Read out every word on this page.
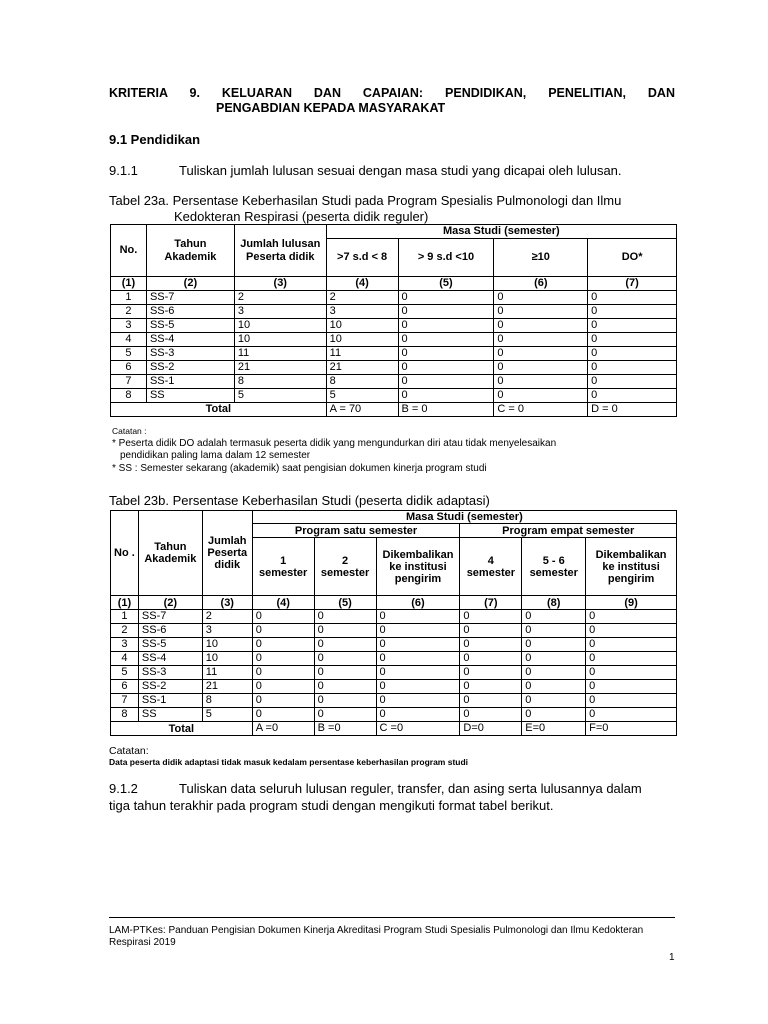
KRITERIA 9. KELUARAN DAN CAPAIAN: PENDIDIKAN, PENELITIAN, DAN
PENGABDIAN KEPADA MASYARAKAT
9.1 Pendidikan
9.1.1	Tuliskan jumlah lulusan sesuai dengan masa studi yang dicapai oleh lulusan.
Tabel 23a. Persentase Keberhasilan Studi pada Program Spesialis Pulmonologi dan Ilmu
Kedokteran Respirasi (peserta didik reguler)
No.	Tahun Akademik	Jumlah lulusan Peserta didik	Masa Studi (semester)			
			>7 s.d < 8	> 9 s.d <10	≥10	DO*
(1)	(2)	(3)	(4)	(5)	(6)	(7)
1	SS-7	2	2	0	0	0
2	SS-6	3	3	0	0	0
3	SS-5	10	10	0	0	0
4	SS-4	10	10	0	0	0
5	SS-3	11	11	0	0	0
6	SS-2	21	21	0	0	0
7	SS-1	8	8	0	0	0
8	SS	5	5	0	0	0
Total			A = 70	B = 0	C = 0	D = 0
Catatan :
* Peserta didik DO adalah termasuk peserta didik yang mengundurkan diri atau tidak menyelesaikan
pendidikan paling lama dalam 12 semester
* SS : Semester sekarang (akademik) saat pengisian dokumen kinerja program studi
Tabel 23b. Persentase Keberhasilan Studi (peserta didik adaptasi)
No .	Tahun Akademik	Jumlah Peserta didik	Masa Studi (semester)					
			Program satu semester			Program empat semester		
			1 semester	2 semester	Dikembalikan ke institusi pengirim	4 semester	5 - 6 semester	Dikembalikan ke institusi pengirim
(1)	(2)	(3)	(4)	(5)	(6)	(7)	(8)	(9)
1	SS-7	2	0	0	0	0	0	0
2	SS-6	3	0	0	0	0	0	0
3	SS-5	10	0	0	0	0	0	0
4	SS-4	10	0	0	0	0	0	0
5	SS-3	11	0	0	0	0	0	0
6	SS-2	21	0	0	0	0	0	0
7	SS-1	8	0	0	0	0	0	0
8	SS	5	0	0	0	0	0	0
Total			A =0	B =0	C =0	D=0	E=0	F=0
Catatan:
Data peserta didik adaptasi tidak masuk kedalam persentase keberhasilan program studi
9.1.2	Tuliskan data seluruh lulusan reguler, transfer, dan asing serta lulusannya dalam
tiga tahun terakhir pada program studi dengan mengikuti format tabel berikut.
LAM-PTKes: Panduan Pengisian Dokumen Kinerja Akreditasi Program Studi Spesialis Pulmonologi dan Ilmu Kedokteran Respirasi 2019
1
